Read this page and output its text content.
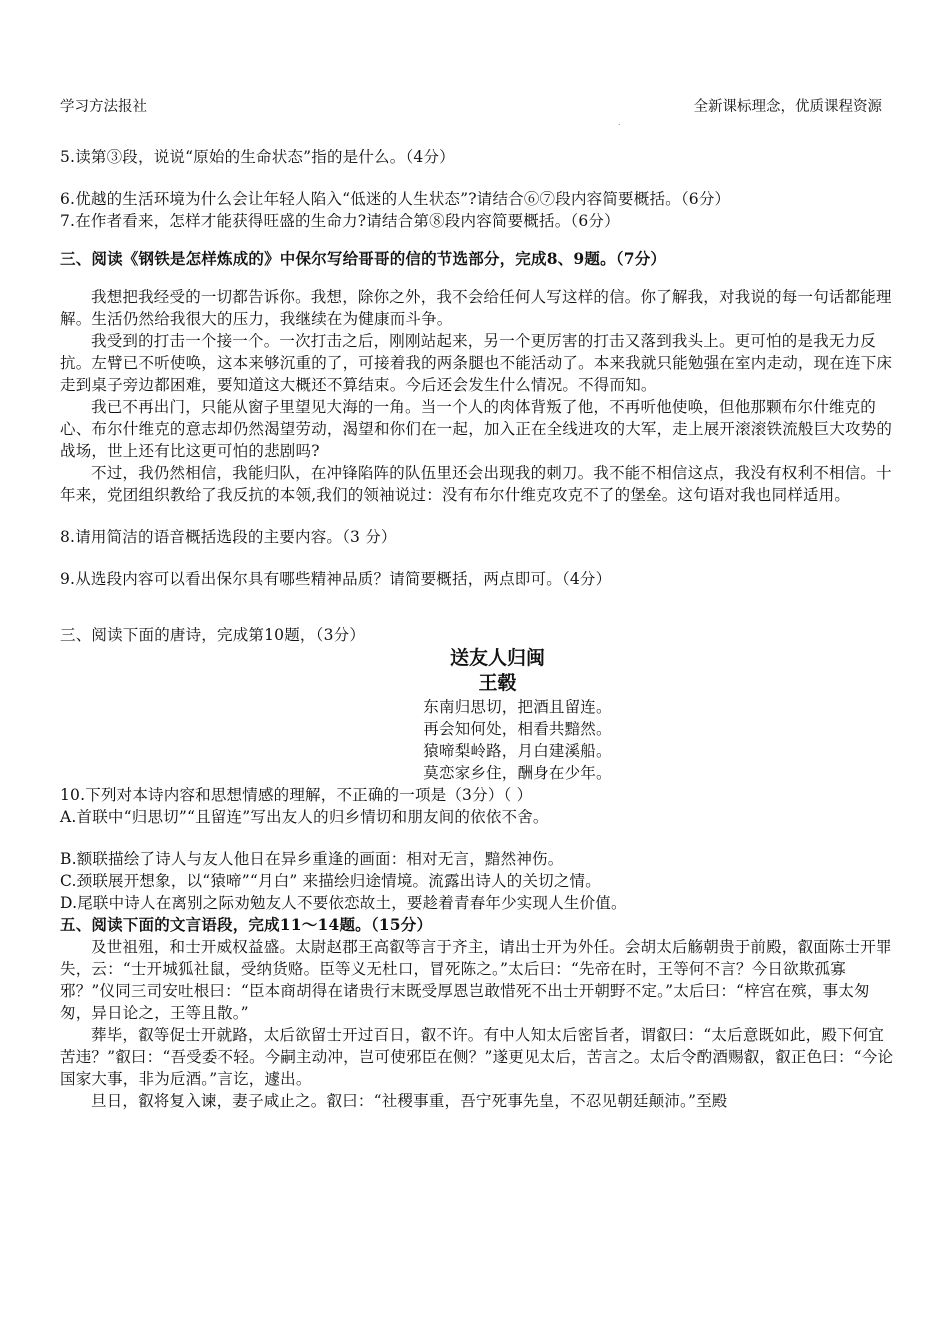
学习方法报社
.
全新课标理念，优质课程资源

5.读第③段，说说“原始的生命状态”指的是什么。（4分）

6.优越的生活环境为什么会让年轻人陷入“低迷的人生状态”?请结合⑥⑦段内容简要概括。（6分）

7.在作者看来，怎样才能获得旺盛的生命力?请结合第⑧段内容简要概括。（6分）

三、阅读《钢铁是怎样炼成的》中保尔写给哥哥的信的节选部分，完成8、9题。（7分）

我想把我经受的一切都告诉你。我想，除你之外，我不会给任何人写这样的信。你了解我，对我说的每一句话都能理解。生活仍然给我很大的压力，我继续在为健康而斗争。

我受到的打击一个接一个。一次打击之后，刚刚站起来，另一个更厉害的打击又落到我头上。更可怕的是我无力反抗。左臂已不听使唤，这本来够沉重的了，可接着我的两条腿也不能活动了。本来我就只能勉强在室内走动，现在连下床走到桌子旁边都困难，要知道这大概还不算结束。今后还会发生什么情况。不得而知。

我已不再出门，只能从窗子里望见大海的一角。当一个人的肉体背叛了他，不再听他使唤，但他那颗布尔什维克的心、布尔什维克的意志却仍然渴望劳动，渴望和你们在一起，加入正在全线进攻的大军，走上展开滚滚铁流般巨大攻势的战场，世上还有比这更可怕的悲剧吗?

不过，我仍然相信，我能归队，在冲锋陷阵的队伍里还会出现我的刺刀。我不能不相信这点，我没有权利不相信。十年来，党团组织教给了我反抗的本领,我们的领袖说过：没有布尔什维克攻克不了的堡垒。这句语对我也同样适用。

8.请用简洁的语音概括选段的主要内容。（3 分）

9.从选段内容可以看出保尔具有哪些精神品质？请简要概括，两点即可。（4分）

三、阅读下面的唐诗，完成第10题，（3分）

送友人归闽
王毂

东南归思切，把酒且留连。

再会知何处，相看共黯然。

猿啼梨岭路，月白建溪船。

莫恋家乡住，酬身在少年。

10.下列对本诗内容和思想情感的理解，不正确的一项是（3分）（ ）

A.首联中“归思切”“且留连”写出友人的归乡情切和朋友间的依依不舍。

B.额联描绘了诗人与友人他日在异乡重逢的画面：相对无言，黯然神伤。

C.颈联展开想象，以“猿啼”“月白” 来描绘归途情境。流露出诗人的关切之情。

D.尾联中诗人在离别之际劝勉友人不要依恋故土，要趁着青春年少实现人生价值。

五、阅读下面的文言语段，完成11～14题。（15分）

及世祖殂，和士开威权益盛。太尉赵郡王高叡等言于齐主，请出士开为外任。会胡太后觞朝贵于前殿，叡面陈士开罪失，云：“士开城狐社鼠，受纳货赂。臣等义无杜口，冒死陈之。”太后曰：“先帝在时，王等何不言？今日欲欺孤寡邪？”仪同三司安吐根曰：“臣本商胡得在诸贵行末既受厚恩岂敢惜死不出士开朝野不定。”太后曰：“梓宫在殡，事太匆匆，异日论之，王等且散。”

葬毕，叡等促士开就路，太后欲留士开过百日，叡不许。有中人知太后密旨者，谓叡曰：“太后意既如此，殿下何宜苦违？”叡曰：“吾受委不轻。今嗣主动冲，岂可使邪臣在侧？”遂更见太后，苦言之。太后令酌酒赐叡，叡正色曰：“今论国家大事，非为卮酒。”言讫，遽出。

旦日，叡将复入谏，妻子咸止之。叡曰：“社稷事重，吾宁死事先皇，不忍见朝廷颠沛。”至殿
